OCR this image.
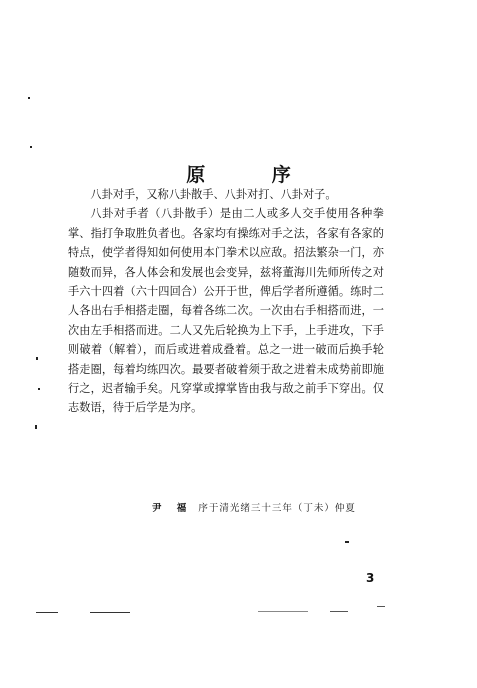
原 序

八卦对手，又称八卦散手、八卦对打、八卦对子。

八卦对手者（八卦散手）是由二人或多人交手使用各种拳掌、指打争取胜负者也。各家均有操练对手之法，各家有各家的特点，使学者得知如何使用本门拳术以应敌。招法繁杂一门，亦随数而异，各人体会和发展也会变异，兹将董海川先师所传之对手六十四着（六十四回合）公开于世，俾后学者所遵循。练时二人各出右手相搭走圈，每着各练二次。一次由右手相搭而进，一次由左手相搭而进。二人又先后轮换为上下手，上手进攻，下手则破着（解着），而后或进着成叠着。总之一进一破而后换手轮搭走圈，每着均练四次。最要者破着须于敌之进着未成势前即施行之，迟者输手矣。凡穿掌或撑掌皆由我与敌之前手下穿出。仅志数语，待于后学是为序。

尹 福 序于清光绪三十三年（丁未）仲夏
3
